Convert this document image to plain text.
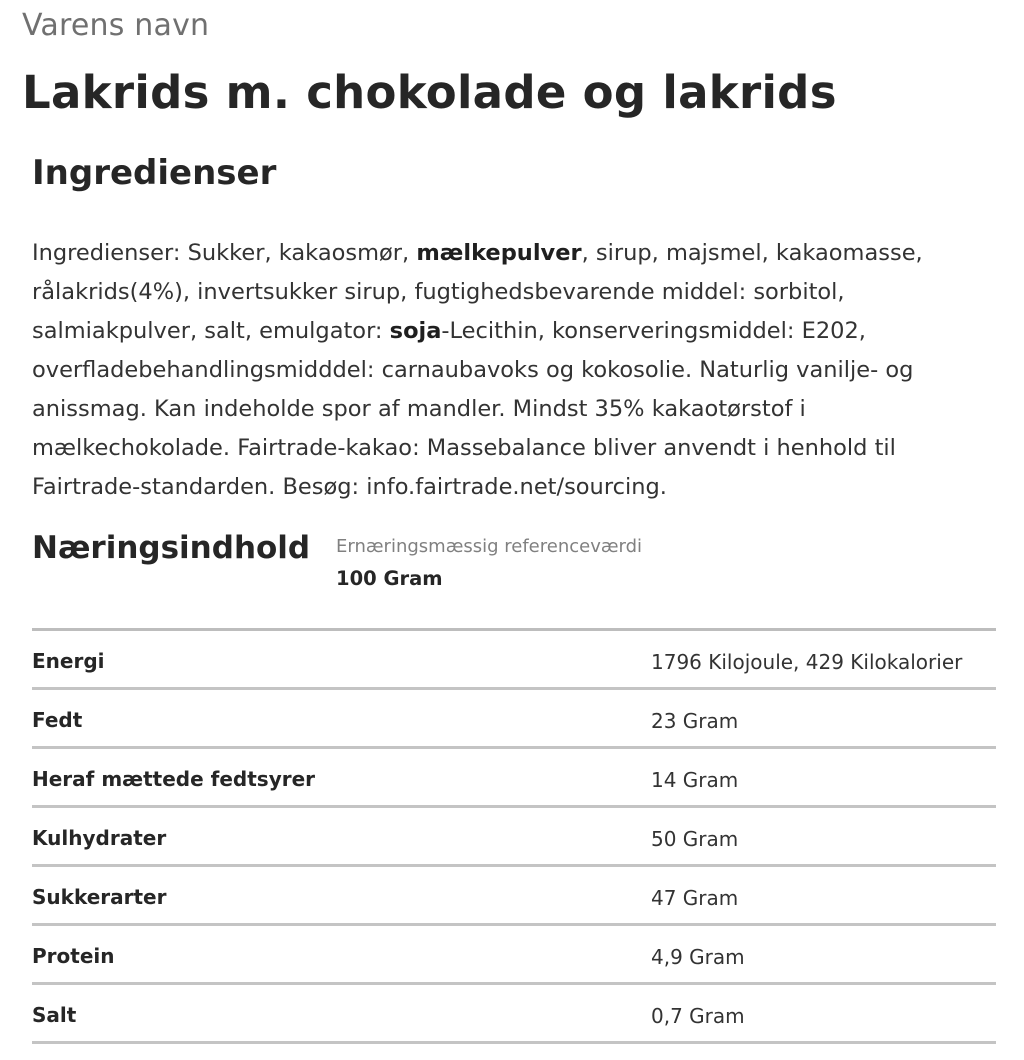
Varens navn
Lakrids m. chokolade og lakrids
Ingredienser

Ingredienser: Sukker, kakaosmør, mælkepulver, sirup, majsmel, kakaomasse, rålakrids(4%), invertsukker sirup, fugtighedsbevarende middel: sorbitol, salmiakpulver, salt, emulgator: soja-Lecithin, konserveringsmiddel: E202, overfladebehandlingsmidddel: carnaubavoks og kokosolie. Naturlig vanilje- og anissmag. Kan indeholde spor af mandler. Mindst 35% kakaotørstof i mælkechokolade. Fairtrade-kakao: Massebalance bliver anvendt i henhold til Fairtrade-standarden. Besøg: info.fairtrade.net/sourcing.

Næringsindhold Ernæringsmæssig referenceværdi
100 Gram
Energi	1796 Kilojoule, 429 Kilokalorier
Fedt	23 Gram
Heraf mættede fedtsyrer	14 Gram
Kulhydrater	50 Gram
Sukkerarter	47 Gram
Protein	4,9 Gram
Salt	0,7 Gram
